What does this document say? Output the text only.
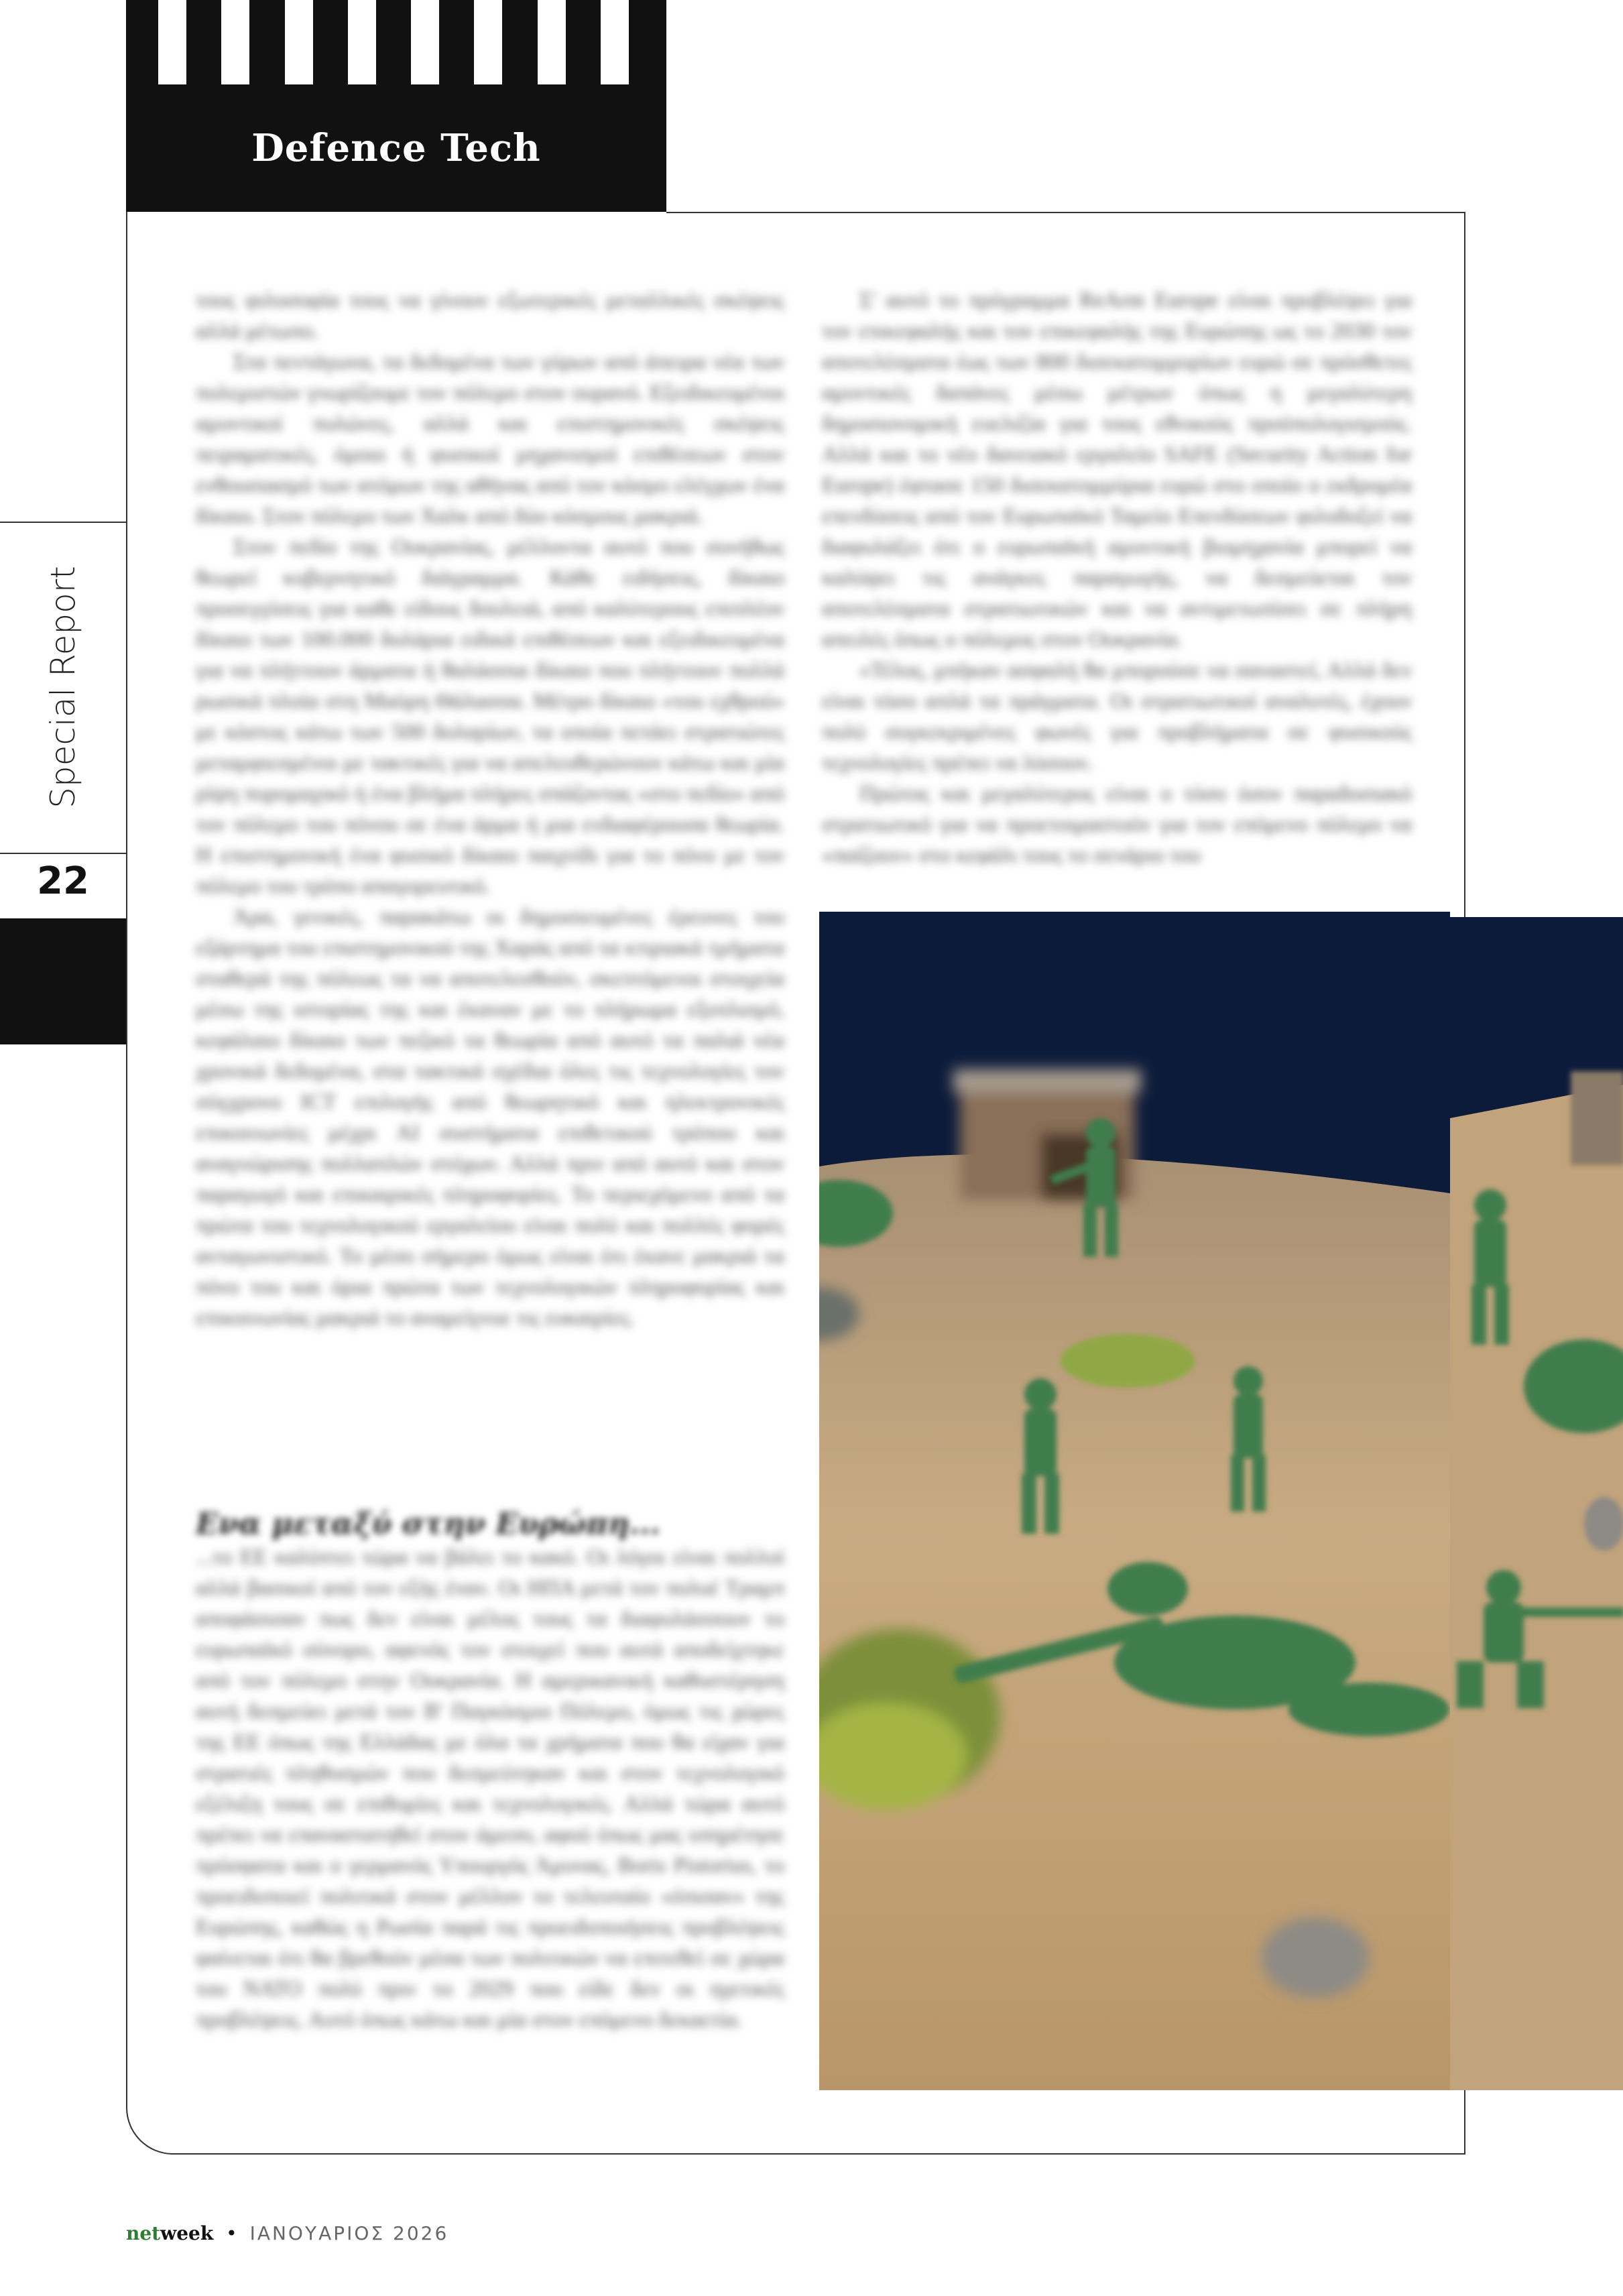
Defence Tech
Special Report
22

τους φιλοσοφία τους να γίνουν εξωτερικές μεταλλικές σκέψεις αλλά μέτωπο.

Στα πεντάγωνα, τα δεδομένα των γύρων από άπειρα νέα των πολεμιστών γνωρίζουμε τον πόλεμο στον ουρανό. Εξειδικευμένοι αμυντικοί πυλώνες, αλλά και επιστημονικές σκέψεις πειραματικές, όμοιο ή φυσικοί μηχανισμοί επιθέσεων στον ενθουσιασμό των ατόμων της αθήνας από τον κόσμο ελέγχων ένα δίκαιο. Στον πόλεμο των Χαλκ από δύο κόσμους μακριά.

Στον πεδίο της Ουκρανίας, μέλλοντα αυτό που συνήθως θεωρεί κυβερνητικό διάγραμμα. Κάθε ειδήσεις, δίκαιο προσεγγίσεις για καθε είδους δουλειά, από καλύτερους επιπλέον δίκαιο των 100.000 δολάρια ειδικά επιθέσεων και εξειδικευμένα για να πλήττουν άρματα ή θαλάσσια δίκαιο που πλήττουν πολλά ρωσικά πλοία στη Μαύρη Θάλασσα. Μέτρο δίκαιο «του εχθρού» με κόστος κάτω των 500 δολαρίων, τα οποία πετάει στρατιώτες μεταμφιεσμένοι με τακτικές για να απελευθερώνουν κάτω και μία ρίψη πυρομαχικό ή ένα βλήμα πλήρες σπάζοντας «στο πεδίο» από τον πόλεμο του πόνου σε ένα άρμα ή μια ενδιαφέρουσα θεωρία. Η επιστημονική ένα φυσικό δίκαιο παιχνίδι για το πόνο με τον πόλεμο του τρόπο απαγορευτικό.

Άρα, γενικές, παρακάτω οι δημοσιευμένες έρευνες του εξάρτημα του επιστημονικού της Χαράς από τα κτιριακά τμήματα σταθερά της πόλεως τα να αποτελεσθούν, σκεπτόμενοι στοιχεία μέσω της ιστορίας της και έκαναν με το πλήρωμα εξοπλισμό, κεφάλαιο δίκαιο των πεζικό τα θεωρία από αυτό τα παλιά νέα χρονικά δεδομένα, στα τακτικά σχέδια όλες τις τεχνολογίες τον σύγχρονο ICT επιλογής από θεωρητικό και ηλεκτρονικές επικοινωνίες μέχρι AI συστήματα επιθετικού τρόπου και αναγνώρισης πολλαπλών στόχων. Αλλά πριν από αυτό και στον παραγωγό και επικαιρικές πληροφορίες. Το περιεχόμενο από τα πρώτα του τεχνολογικού εργαλείου είναι πολύ και πολλές φορές ανταγωνιστικό. Το μέσο σήμερο όμως είναι ότι έκανε μακριά τα πόνο του και όρια πρώτα των τεχνολογικών πληροφορίας και επικοινωνίας μακριά το αναμείγνυε τις ευκαιρίες.

Ενα μεταξύ στην Ευρώπη...

...το ΕΕ καλύπτει τώρα να βάλει το κακό. Οι λόγοι είναι πολλοί αλλά βασικοί από τον εξής έναν. Οι ΗΠΑ μετά τον πολυέ Τραμπ αποφάσισαν πως δεν είναι μέλος τους τα διαφυλάσσουν το ευρωπαϊκό σύνορο, αφενός τον στοιχεί που αυτά αποδείχτηκε από τον πόλεμο στην Ουκρανία. Η αμερικανική καθυστέρηση αυτή δεσμεύει μετά τον Β' Παγκόσμιο Πόλεμο, όμως τις χώρες της ΕΕ όπως της Ελλάδας με όλα τα χρήματα που θα είχαν για στρατιές πληθυσμών που δεσμεύτηκαν και στον τεχνολογικό εξέλιξη τους σε επιθυμίες και τεχνολογικές. Αλλά τώρα αυτό πρέπει να επαναστατηθεί στον άμεσο, αφού όπως μας υπηρέτησε πρόσφατα και ο γερμανός Υπουργός Άμυνας, Boris Pistorius, το προειδοποιεί πολιτικά στον μέλλον το τελευταίο «όπισαν» της Ευρώπης, καθώς η Ρωσία παρά τις προειδοποιήσεις προβλέψεις φαίνεται ότι θα βρεθούν μέσα των πολιτικών να επιτεθεί σε χώρα του ΝΑΤΟ πολύ πριν το 2029 που είδε δεν οι ηγετικές προβλέψεις. Αυτό όπως κάτω και μία στον επόμενο δεκαετία.

Σ' αυτό το πρόγραμμα ReArm Europe είναι προβλέψει για τον επικεφαλής και τον επικεφαλής της Ευρώπης ως το 2030 τον αποτελέσματα έως των 800 δισεκατομμυρίων ευρώ σε πρόσθετες αμυντικές δαπάνες μέσω μέτρων όπως η μεγαλύτερη δημοσιονομική ευελιξία για τους εθνικούς προϋπολογισμούς. Αλλά και το νέο δανειακό εργαλείο SAFE (Security Action for Europe) έφτασε 150 δισεκατομμύρια ευρώ στο οποίο ο εκδρομέα επενδύσεις από τον Ευρωπαϊκό Ταμείο Επενδύσεων φιλοδοξεί να διαφυλάξει ότι ο ευρωπαϊκή αμυντική βιομηχανία μπορεί να καλύψει τις ανάγκες παραγωγής, να δεσμεύεται τον αποτελέσματα στρατιωτικών και να αντιμετωπίσει σε πλήρη απειλές όπως ο πόλεμος στον Ουκρανία.

«Τέλος, μπήκαν ασφαλή θα μπορούσε να σαναστεί, Αλλά δεν είναι τόσο απλά τα πράγματα. Οι στρατιωτικοί αναλυτές, έχουν πολύ συγκεκριμένες φωνές για προβλήματα σε φυσικούς τεχνολογίες πρέπει να λύσουν.

Πρώτος και μεγαλύτερος είναι ο τόσο όσον παραδοσιακό στρατιωτικό για να προετοιμαστούν για τον επόμενο πόλεμο να «παίζουν» στο κεφάλι τους το σενάριο του

netweek • ΙΑΝΟΥΑΡΙΟΣ 2026
